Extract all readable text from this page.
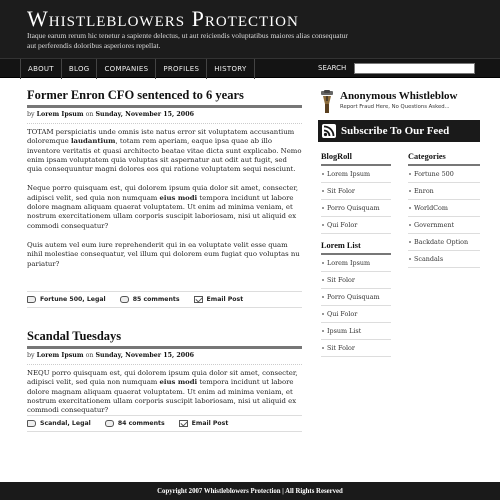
Whistleblowers Protection
Itaque earum rerum hic tenetur a sapiente delectus, ut aut reiciendis voluptatibus maiores alias consequatur aut perferendis doloribus asperiores repellat.
ABOUT	BLOG	COMPANIES	PROFILES	HISTORY	SEARCH
Former Enron CFO sentenced to 6 years
by Lorem Ipsum on Sunday, November 15, 2006

TOTAM perspiciatis unde omnis iste natus error sit voluptatem accusantium doloremque laudantium, totam rem aperiam, eaque ipsa quae ab illo inventore veritatis et quasi architecto beatae vitae dicta sunt explicabo. Nemo enim ipsam voluptatem quia voluptas sit aspernatur aut odit aut fugit, sed quia consequuntur magni dolores eos qui ratione voluptatem sequi nesciunt.

Neque porro quisquam est, qui dolorem ipsum quia dolor sit amet, consecter, adipisci velit, sed quia non numquam eius modi tempora incidunt ut labore dolore magnam aliquam quaerat voluptatem. Ut enim ad minima veniam, et nostrum exercitationem ullam corporis suscipit laboriosam, nisi ut aliquid ex commodi consequatur?

Quis autem vel eum iure reprehenderit qui in ea voluptate velit esse quam nihil molestiae consequatur, vel illum qui dolorem eum fugiat quo voluptas nu pariatur?

Fortune 500, Legal	85 comments	Email Post
Scandal Tuesdays
by Lorem Ipsum on Sunday, November 15, 2006

NEQU porro quisquam est, qui dolorem ipsum quia dolor sit amet, consecter, adipisci velit, sed quia non numquam eius modi tempora incidunt ut labore dolore magnam aliquam quaerat voluptatem. Ut enim ad minima veniam, et nostrum exercitationem ullam corporis suscipit laboriosam, nisi ut aliquid ex commodi consequatur?

Scandal, Legal	84 comments	Email Post
Anonymous Whistleblow
Report Fraud Here, No Questions Asked...
Subscribe To Our Feed
BlogRoll
Lorem Ipsum
Sit Folor
Porro Quisquam
Qui Folor
Categories
Fortune 500
Enron
WorldCom
Government
Backdate Option
Scandals
Lorem List
Lorem Ipsum
Sit Folor
Porro Quisquam
Qui Folor
Ipsum List
Sit Folor
Copyright 2007 Whistleblowers Protection | All Rights Reserved
